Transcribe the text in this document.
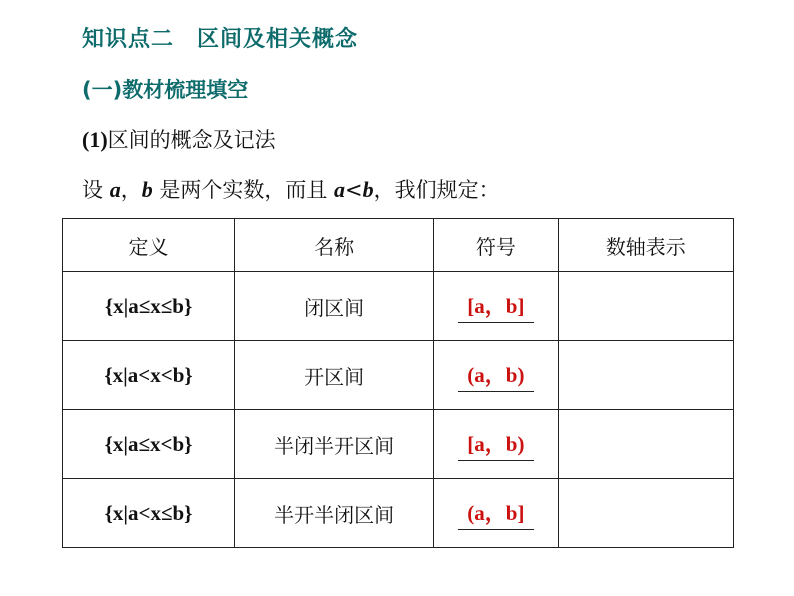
知识点二　区间及相关概念
(一)教材梳理填空
(1)区间的概念及记法
设 a，b 是两个实数，而且 a<b，我们规定：
定义	名称	符号	数轴表示
{x|a≤x≤b}	闭区间	[a，b]	
{x|a<x<b}	开区间	(a，b)	
{x|a≤x<b}	半闭半开区间	[a，b)	
{x|a<x≤b}	半开半闭区间	(a，b]	
